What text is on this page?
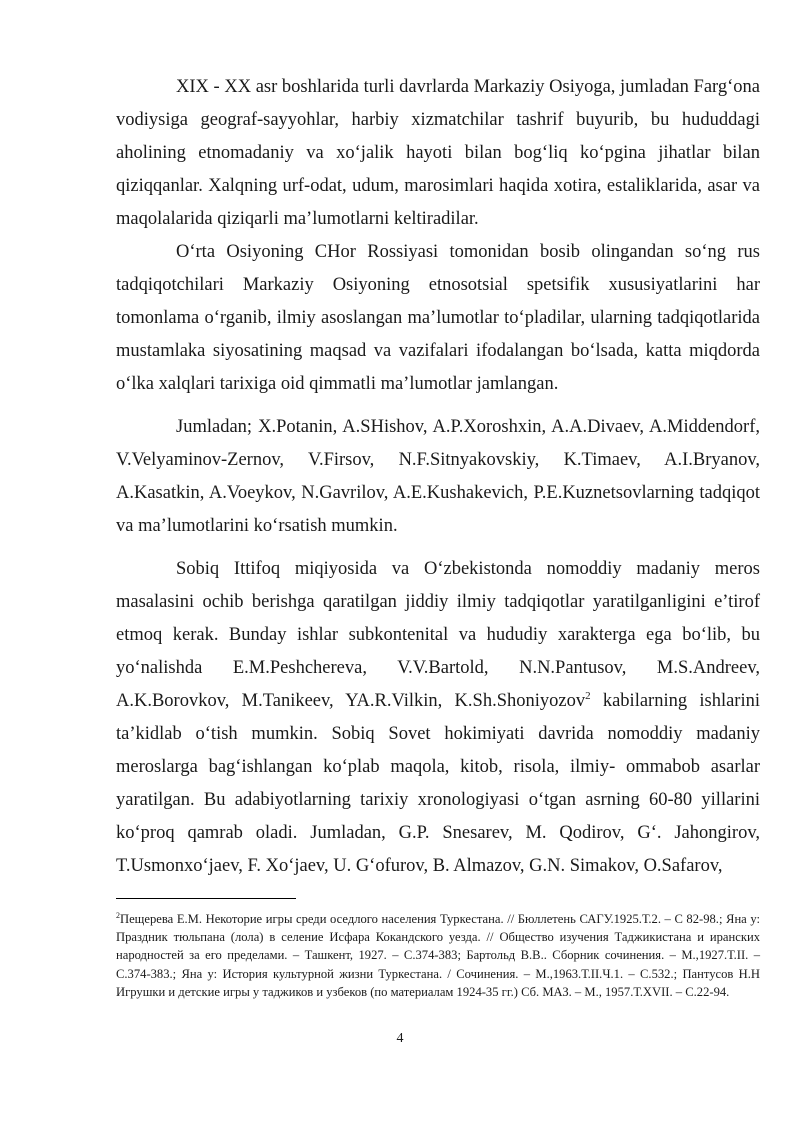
XIX - XX asr boshlarida turli davrlarda Markaziy Osiyoga, jumladan Farg‘ona vodiysiga geograf-sayyohlar, harbiy xizmatchilar tashrif buyurib, bu hududdagi aholining etnomadaniy va xo‘jalik hayoti bilan bog‘liq ko‘pgina jihatlar bilan qiziqqanlar. Xalqning urf-odat, udum, marosimlari haqida xotira, estaliklarida, asar va maqolalarida qiziqarli ma’lumotlarni keltiradilar.

O‘rta Osiyoning CHor Rossiyasi tomonidan bosib olingandan so‘ng rus tadqiqotchilari Markaziy Osiyoning etnosotsial spetsifik xususiyatlarini har tomonlama o‘rganib, ilmiy asoslangan ma’lumotlar to‘pladilar, ularning tadqiqotlarida mustamlaka siyosatining maqsad va vazifalari ifodalangan bo‘lsada, katta miqdorda o‘lka xalqlari tarixiga oid qimmatli ma’lumotlar jamlangan.

Jumladan; X.Potanin, A.SHishov, A.P.Xoroshxin, A.A.Divaev, A.Middendorf, V.Velyaminov-Zernov, V.Firsov, N.F.Sitnyakovskiy, K.Timaev, A.I.Bryanov, A.Kasatkin, A.Voeykov, N.Gavrilov, A.E.Kushakevich, P.E.Kuznetsovlarning tadqiqot va ma’lumotlarini ko‘rsatish mumkin.

Sobiq Ittifoq miqiyosida va O‘zbekistonda nomoddiy madaniy meros masalasini ochib berishga qaratilgan jiddiy ilmiy tadqiqotlar yaratilganligini e’tirof etmoq kerak. Bunday ishlar subkontenital va hududiy xarakterga ega bo‘lib, bu yo‘nalishda E.M.Peshchereva, V.V.Bartold, N.N.Pantusov, M.S.Andreev, A.K.Borovkov, M.Tanikeev, YA.R.Vilkin, K.Sh.Shoniyozov$^2$ kabilarning ishlarini ta’kidlab o‘tish mumkin. Sobiq Sovet hokimiyati davrida nomoddiy madaniy meroslarga bag‘ishlangan ko‘plab maqola, kitob, risola, ilmiy- ommabob asarlar yaratilgan. Bu adabiyotlarning tarixiy xronologiyasi o‘tgan asrning 60-80 yillarini ko‘proq qamrab oladi. Jumladan, G.P. Snesarev, M. Qodirov, G‘. Jahongirov, T.Usmonxo‘jaev, F. Xo‘jaev, U. G‘ofurov, B. Almazov, G.N. Simakov, O.Safarov,

$^2$Пещерева Е.М. Некоторие игры среди оседлого населения Туркестана. // Бюллетень САГУ.1925.Т.2. – С 82-98.; Яна у: Праздник тюльпана (лола) в селение Исфара Кокандского уезда. // Общество изучения Таджикистана и иранских народностей за его пределами. – Ташкент, 1927. – С.374-383; Бартольд В.В.. Сборник сочинения. – М.,1927.Т.II. – С.374-383.; Яна у: История культурной жизни Туркестана. / Сочинения. – М.,1963.Т.II.Ч.1. – С.532.; Пантусов Н.Н Игрушки и детские игры у таджиков и узбеков (по материалам 1924-35 гг.) Сб. МАЗ. – М., 1957.Т.XVII. – С.22-94.

4
